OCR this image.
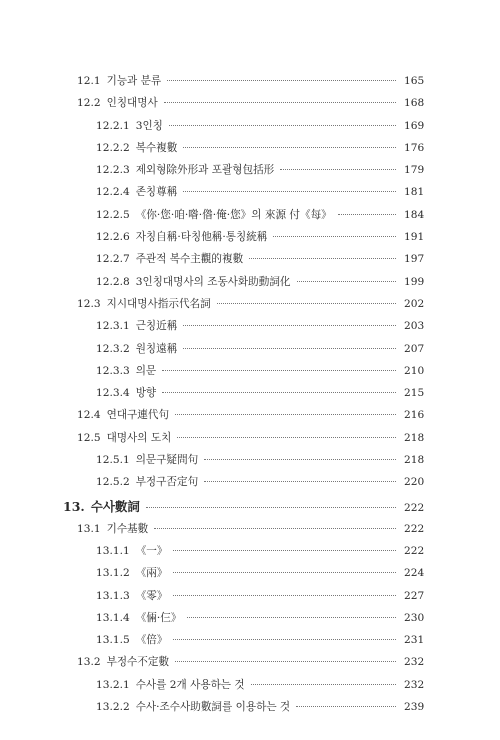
12.1 기능과 분류	165
12.2 인칭대명사	168
12.2.1 3인칭	169
12.2.2 복수複數	176
12.2.3 제외형除外形과 포괄형包括形	179
12.2.4 존칭尊稱	181
12.2.5 《你·您·咱·喒·偺·俺·您》의 來源 付《每》	184
12.2.6 자칭自稱·타칭他稱·통칭統稱	191
12.2.7 주관적 복수主觀的複數	197
12.2.8 3인칭대명사의 조동사화助動詞化	199
12.3 지시대명사指示代名詞	202
12.3.1 근칭近稱	203
12.3.2 원칭遠稱	207
12.3.3 의문	210
12.3.4 방향	215
12.4 연대구連代句	216
12.5 대명사의 도치	218
12.5.1 의문구疑問句	218
12.5.2 부정구否定句	220
13. 수사數詞	222
13.1 기수基數	222
13.1.1 《一》	222
13.1.2 《兩》	224
13.1.3 《零》	227
13.1.4 《倆·仨》	230
13.1.5 《倍》	231
13.2 부정수不定數	232
13.2.1 수사를 2개 사용하는 것	232
13.2.2 수사·조수사助數詞를 이용하는 것	239
